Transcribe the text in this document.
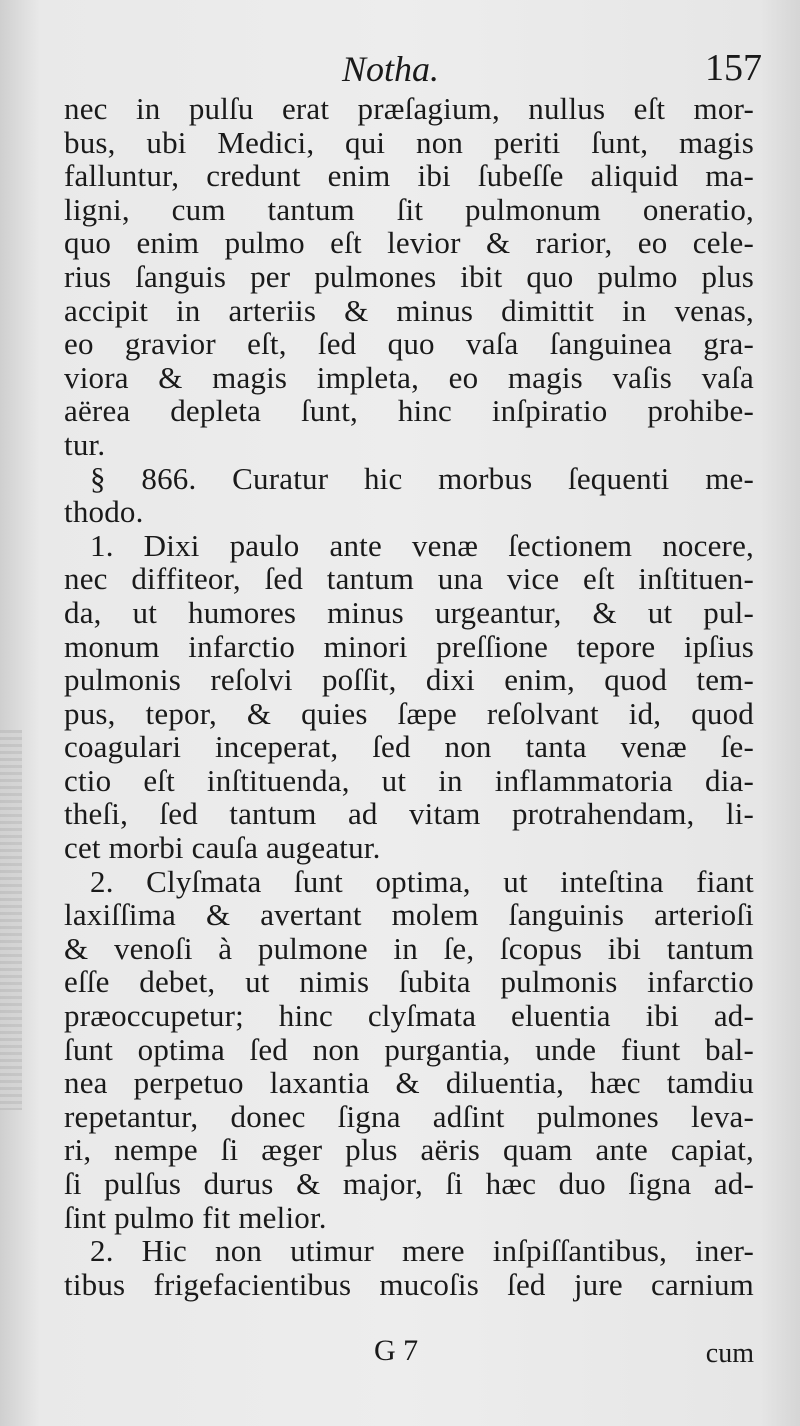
Notha.	157
nec in pulſu erat præſagium, nullus eſt mor-
bus, ubi Medici, qui non periti ſunt, magis
falluntur, credunt enim ibi ſubeſſe aliquid ma-
ligni, cum tantum ſit pulmonum oneratio,
quo enim pulmo eſt levior & rarior, eo cele-
rius ſanguis per pulmones ibit quo pulmo plus
accipit in arteriis & minus dimittit in venas,
eo gravior eſt, ſed quo vaſa ſanguinea gra-
viora & magis impleta, eo magis vaſis vaſa
aërea depleta ſunt, hinc inſpiratio prohibe-
tur.
§ 866. Curatur hic morbus ſequenti me-
thodo.
1. Dixi paulo ante venæ ſectionem nocere,
nec diffiteor, ſed tantum una vice eſt inſtituen-
da, ut humores minus urgeantur, & ut pul-
monum infarctio minori preſſione tepore ipſius
pulmonis reſolvi poſſit, dixi enim, quod tem-
pus, tepor, & quies ſæpe reſolvant id, quod
coagulari inceperat, ſed non tanta venæ ſe-
ctio eſt inſtituenda, ut in inflammatoria dia-
theſi, ſed tantum ad vitam protrahendam, li-
cet morbi cauſa augeatur.
2. Clyſmata ſunt optima, ut inteſtina fiant
laxiſſima & avertant molem ſanguinis arterioſi
& venoſi à pulmone in ſe, ſcopus ibi tantum
eſſe debet, ut nimis ſubita pulmonis infarctio
præoccupetur; hinc clyſmata eluentia ibi ad-
ſunt optima ſed non purgantia, unde fiunt bal-
nea perpetuo laxantia & diluentia, hæc tamdiu
repetantur, donec ſigna adſint pulmones leva-
ri, nempe ſi æger plus aëris quam ante capiat,
ſi pulſus durus & major, ſi hæc duo ſigna ad-
ſint pulmo fit melior.
2. Hic non utimur mere inſpiſſantibus, iner-
tibus frigefacientibus mucoſis ſed jure carnium
G 7	cum
